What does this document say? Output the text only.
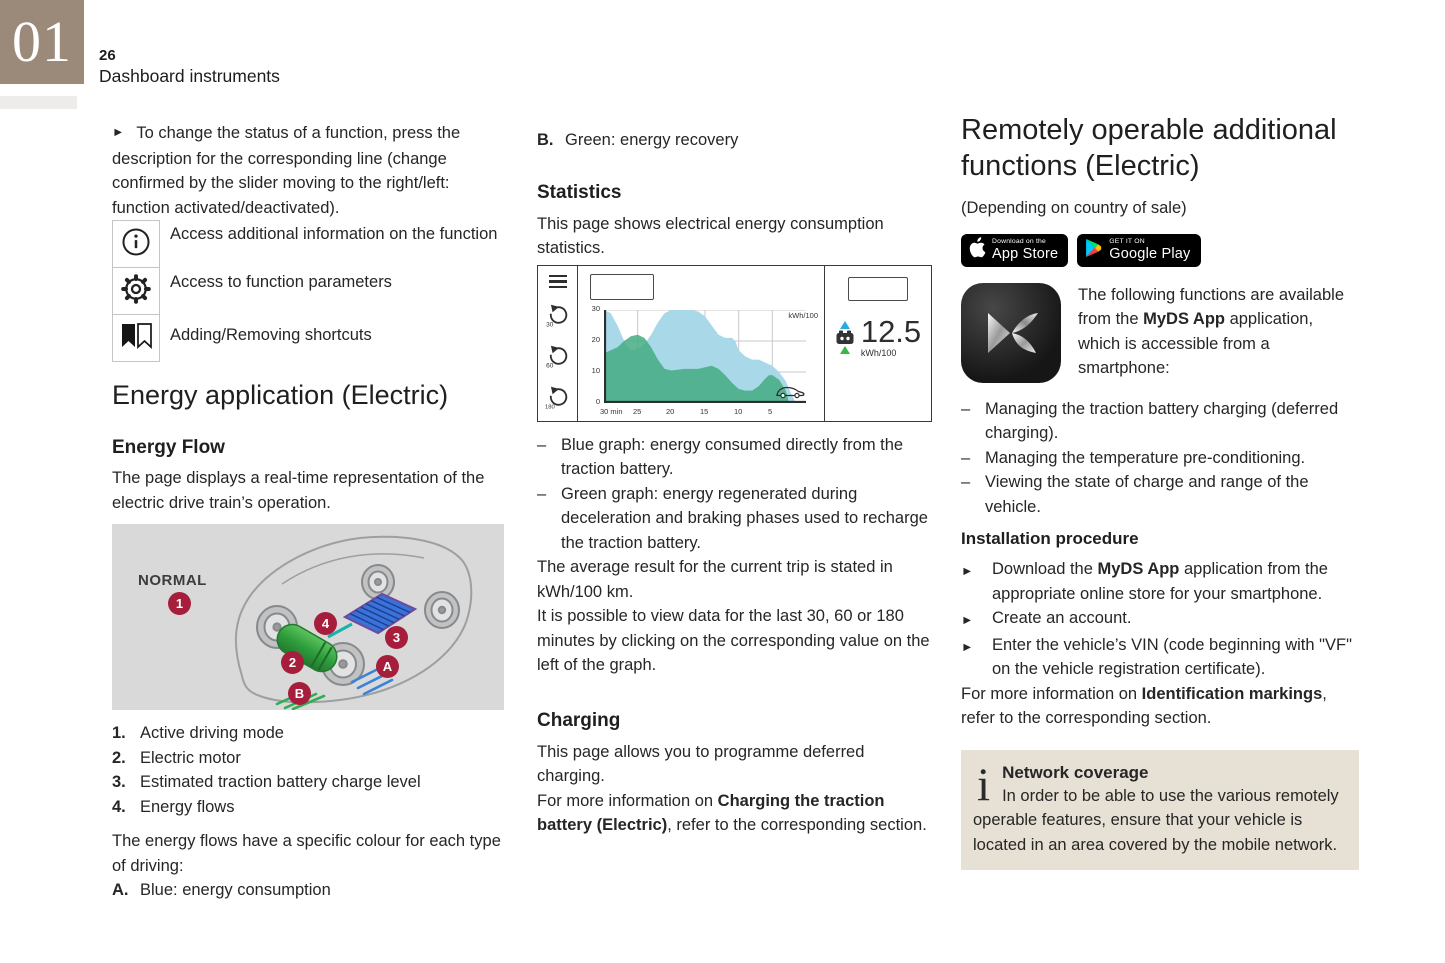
01 26
Dashboard instruments

► To change the status of a function, press the description for the corresponding line (change confirmed by the slider moving to the right/left: function activated/deactivated).

Access additional information on the function
Access to function parameters
Adding/Removing shortcuts
Energy application (Electric)
Energy Flow

The page displays a real-time representation of the electric drive train’s operation.

NORMAL
1
2
3
4
A
B

1. Active driving mode

2. Electric motor

3. Estimated traction battery charge level

4. Energy flows

The energy flows have a specific colour for each type of driving:

A. Blue: energy consumption

B. Green: energy recovery

Statistics

This page shows electrical energy consumption statistics.

30
60
180
30
20
10
0
30 min 25	20	15	10	5
kWh/100 12.5
kWh/100

– Blue graph: energy consumed directly from the traction battery.

– Green graph: energy regenerated during deceleration and braking phases used to recharge the traction battery.

The average result for the current trip is stated in kWh/100 km.

It is possible to view data for the last 30, 60 or 180 minutes by clicking on the corresponding value on the left of the graph.

Charging

This page allows you to programme deferred charging.

For more information on Charging the traction battery (Electric), refer to the corresponding section.

Remotely operable additional functions (Electric)

(Depending on country of sale)

Download on the
App Store
GET IT ON
Google Play

The following functions are available from the MyDS App application, which is accessible from a smartphone:

– Managing the traction battery charging (deferred charging).

– Managing the temperature pre-conditioning.

– Viewing the state of charge and range of the vehicle.

Installation procedure

►	Download the MyDS App application from the appropriate online store for your smartphone.

►	Create an account.

►	Enter the vehicle’s VIN (code beginning with "VF" on the vehicle registration certificate).

For more information on Identification markings, refer to the corresponding section.

i Network coverage

In order to be able to use the various remotely operable features, ensure that your vehicle is located in an area covered by the mobile network.
